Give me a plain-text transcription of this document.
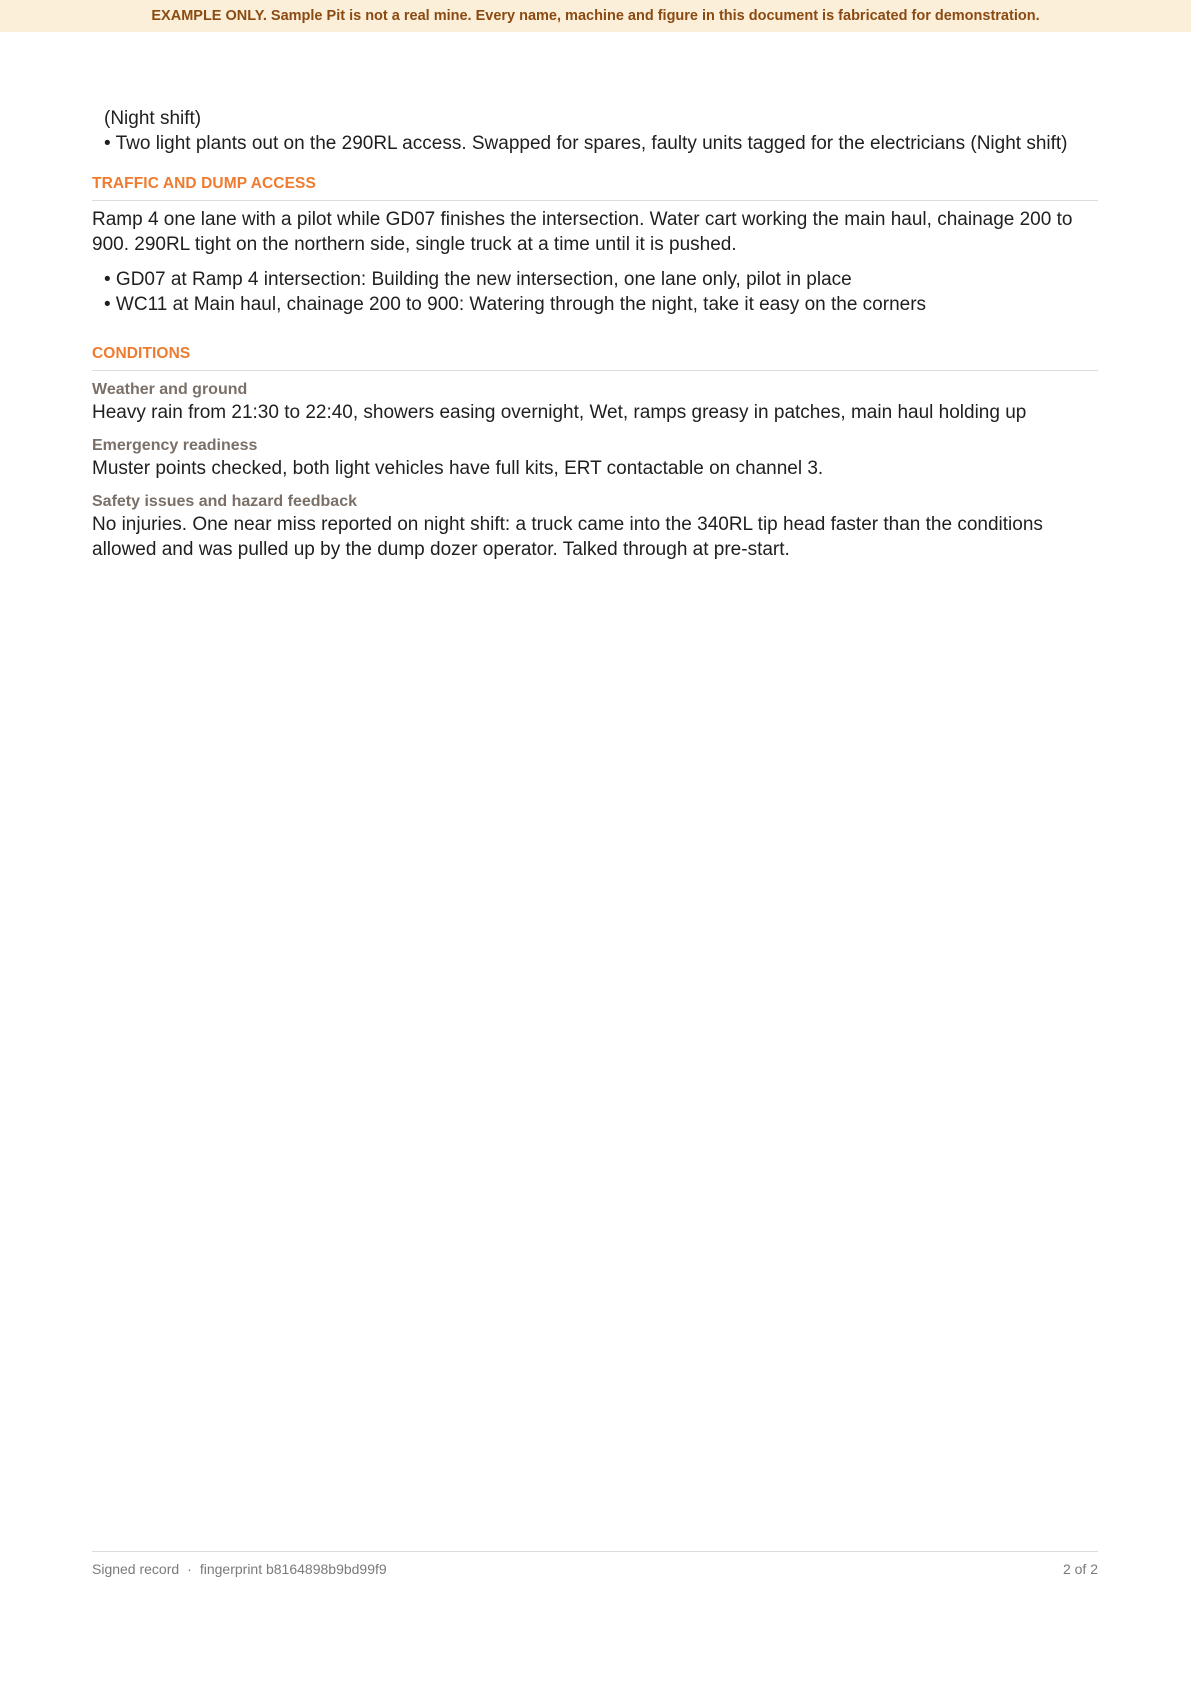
EXAMPLE ONLY. Sample Pit is not a real mine. Every name, machine and figure in this document is fabricated for demonstration.
(Night shift)
• Two light plants out on the 290RL access. Swapped for spares, faulty units tagged for the electricians (Night shift)
TRAFFIC AND DUMP ACCESS

Ramp 4 one lane with a pilot while GD07 finishes the intersection. Water cart working the main haul, chainage 200 to 900. 290RL tight on the northern side, single truck at a time until it is pushed.

• GD07 at Ramp 4 intersection: Building the new intersection, one lane only, pilot in place
• WC11 at Main haul, chainage 200 to 900: Watering through the night, take it easy on the corners
CONDITIONS
Weather and ground
Heavy rain from 21:30 to 22:40, showers easing overnight, Wet, ramps greasy in patches, main haul holding up
Emergency readiness
Muster points checked, both light vehicles have full kits, ERT contactable on channel 3.
Safety issues and hazard feedback
No injuries. One near miss reported on night shift: a truck came into the 340RL tip head faster than the conditions allowed and was pulled up by the dump dozer operator. Talked through at pre-start.
Signed record · fingerprint b8164898b9bd99f9	2 of 2
